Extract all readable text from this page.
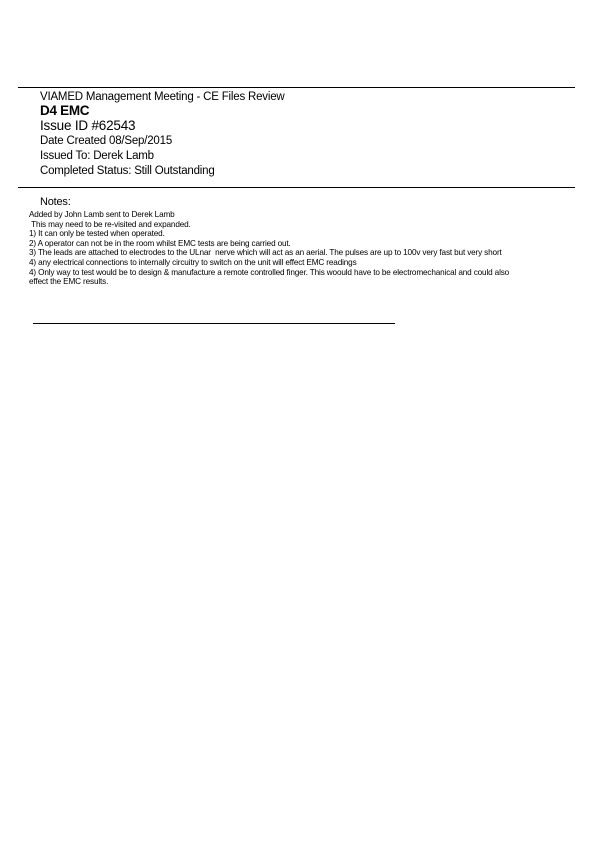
VIAMED Management Meeting - CE Files Review
D4 EMC
Issue ID #62543
Date Created 08/Sep/2015
Issued To: Derek Lamb
Completed Status: Still Outstanding
Notes:
Added by John Lamb sent to Derek Lamb
This may need to be re-visited and expanded.
1) It can only be tested when operated.
2) A operator can not be in the room whilst EMC tests are being carried out.
3) The leads are attached to electrodes to the ULnar  nerve which will act as an aerial. The pulses are up to 100v very fast but very short
4) any electrical connections to internally circuitry to switch on the unit will effect EMC readings
4) Only way to test would be to design & manufacture a remote controlled finger. This woould have to be electromechanical and could also effect the EMC results.
